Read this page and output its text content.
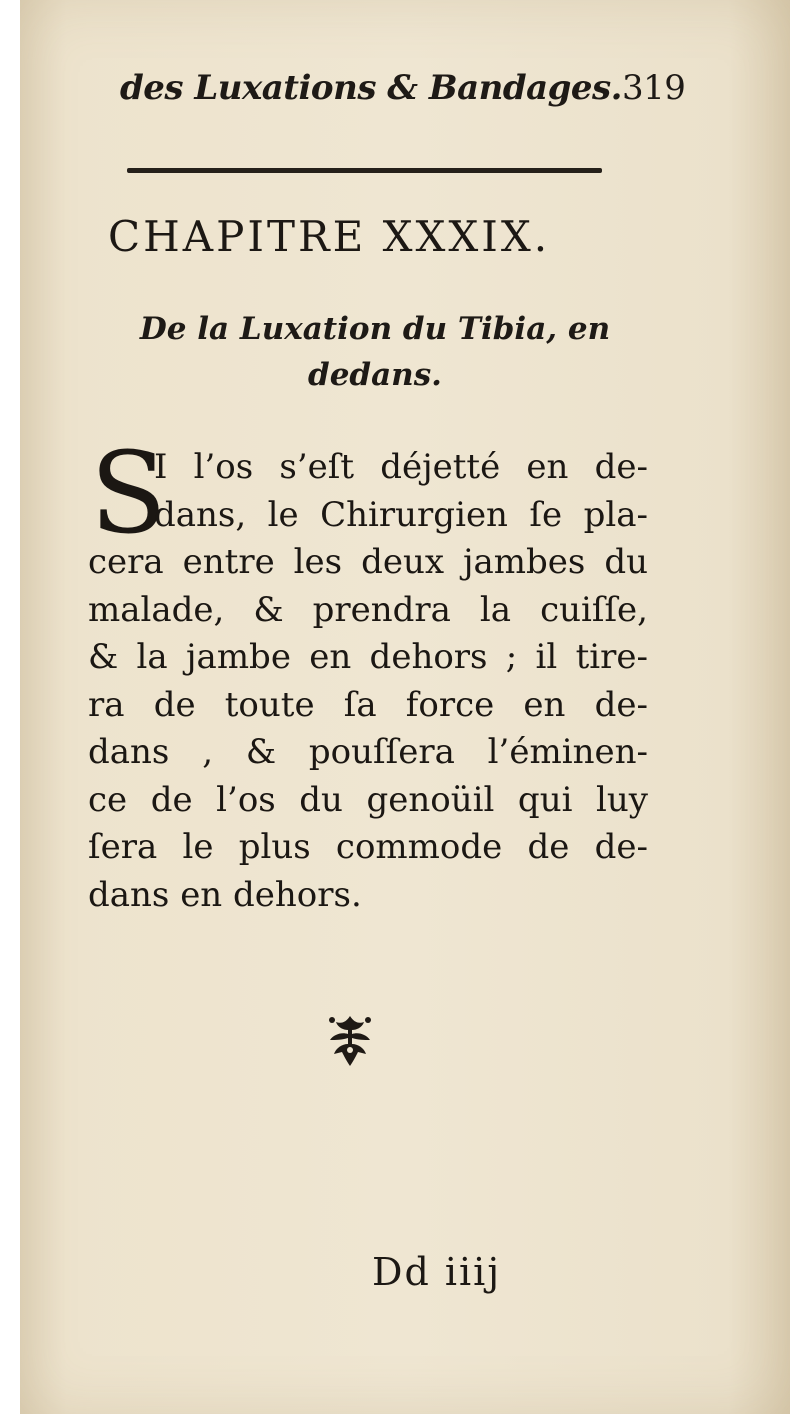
des Luxations & Bandages.319
CHAPITRE XXXIX.
De la Luxation du Tibia, en
dedans.
S
I l’os s’eſt déjetté en de-
dans, le Chirurgien ſe pla-
cera entre les deux jambes du
malade, & prendra la cuiſſe,
& la jambe en dehors ; il tire-
ra de toute ſa force en de-
dans , & pouſſera l’éminen-
ce de l’os du genoüil qui luy
ſera le plus commode de de-
dans en dehors.
Dd iiij
